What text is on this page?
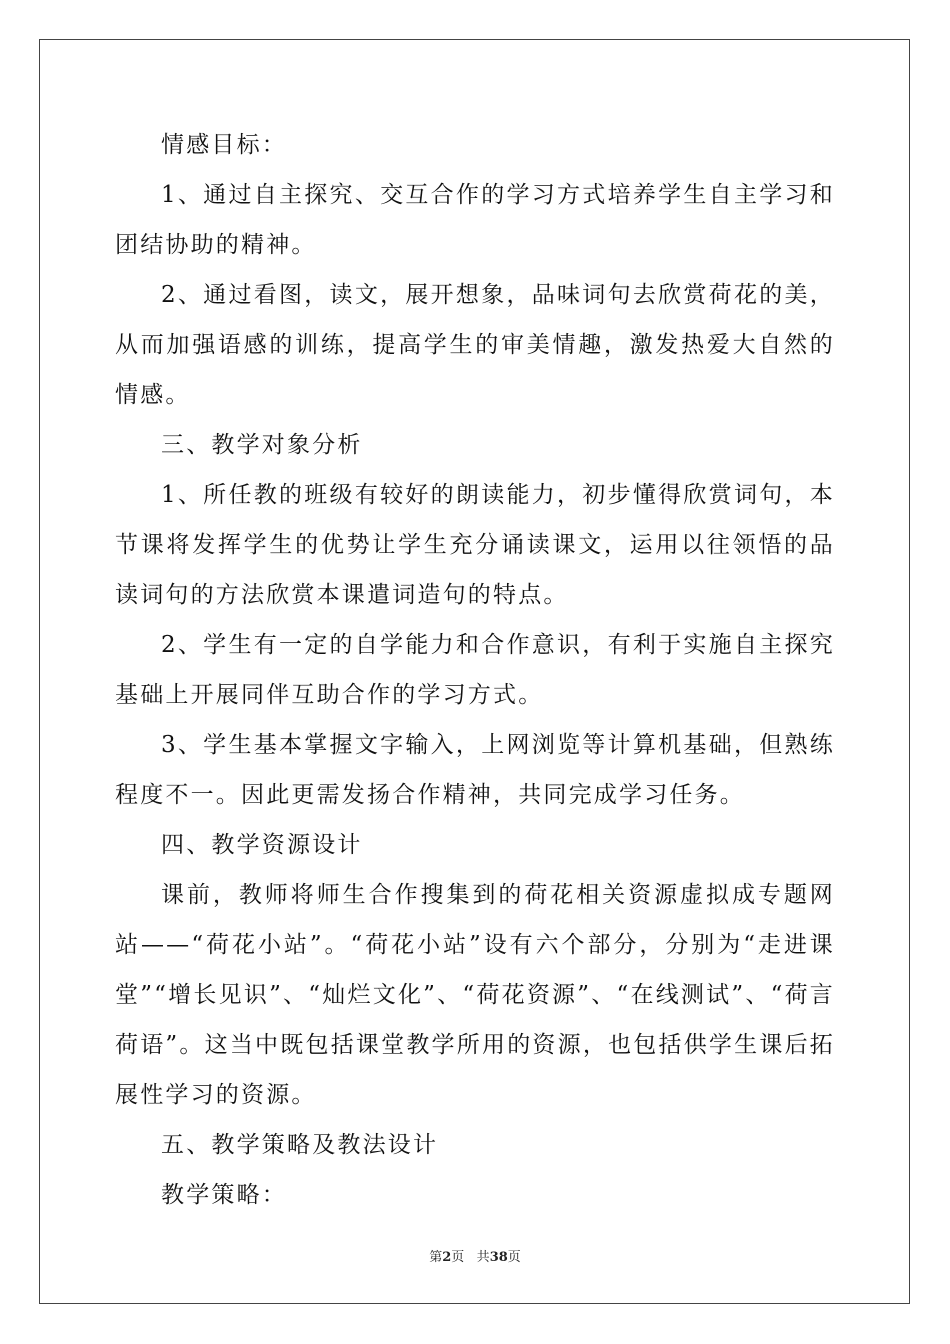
情感目标：

1、通过自主探究、交互合作的学习方式培养学生自主学习和团结协助的精神。

2、通过看图，读文，展开想象，品味词句去欣赏荷花的美，从而加强语感的训练，提高学生的审美情趣，激发热爱大自然的情感。

三、教学对象分析

1、所任教的班级有较好的朗读能力，初步懂得欣赏词句，本节课将发挥学生的优势让学生充分诵读课文，运用以往领悟的品读词句的方法欣赏本课遣词造句的特点。

2、学生有一定的自学能力和合作意识，有利于实施自主探究基础上开展同伴互助合作的学习方式。

3、学生基本掌握文字输入，上网浏览等计算机基础，但熟练程度不一。因此更需发扬合作精神，共同完成学习任务。

四、教学资源设计

课前，教师将师生合作搜集到的荷花相关资源虚拟成专题网站——“荷花小站”。“荷花小站”设有六个部分，分别为“走进课堂”“增长见识”、“灿烂文化”、“荷花资源”、“在线测试”、“荷言荷语”。这当中既包括课堂教学所用的资源，也包括供学生课后拓展性学习的资源。

五、教学策略及教法设计

教学策略：

第2页 共38页
